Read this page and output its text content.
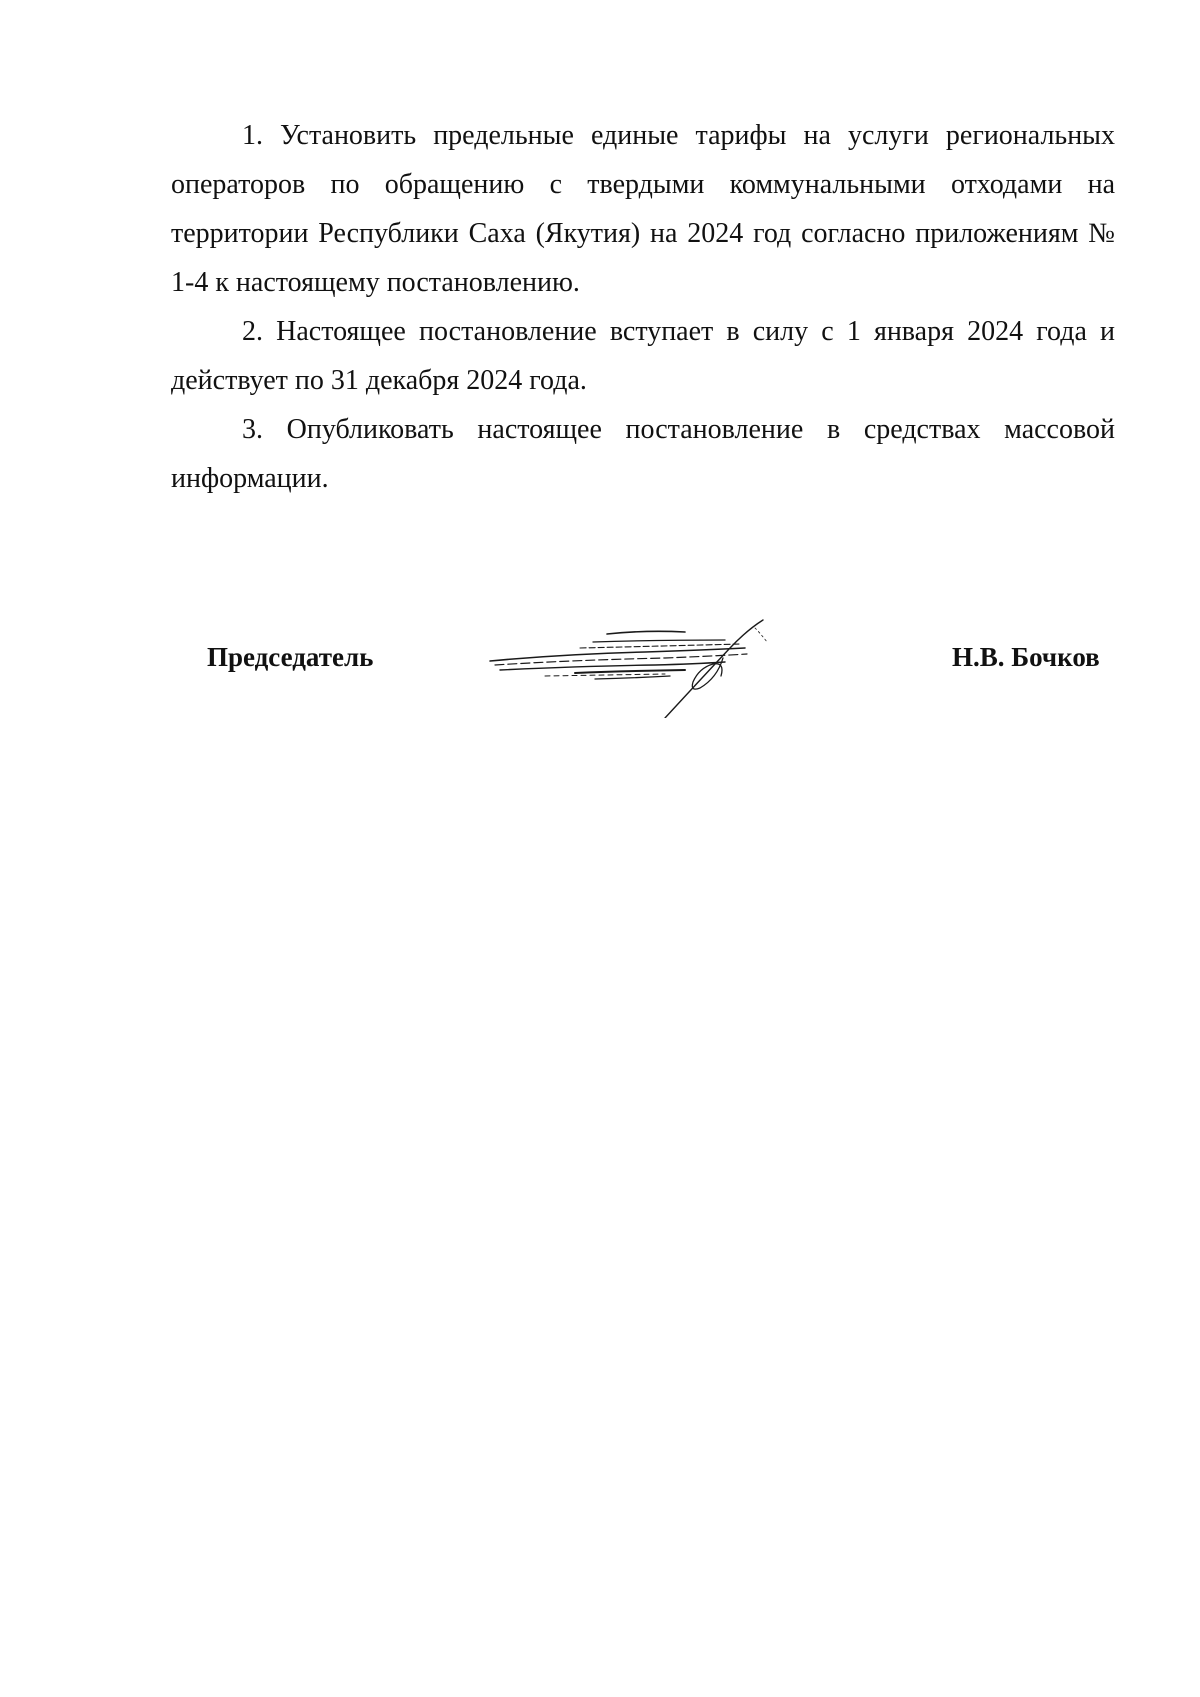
1. Установить предельные единые тарифы на услуги региональных операторов по обращению с твердыми коммунальными отходами на территории Республики Саха (Якутия) на 2024 год согласно приложениям № 1-4 к настоящему постановлению.

2. Настоящее постановление вступает в силу с 1 января 2024 года и действует по 31 декабря 2024 года.

3. Опубликовать настоящее постановление в средствах массовой информации.

Председатель	Н.В. Бочков
